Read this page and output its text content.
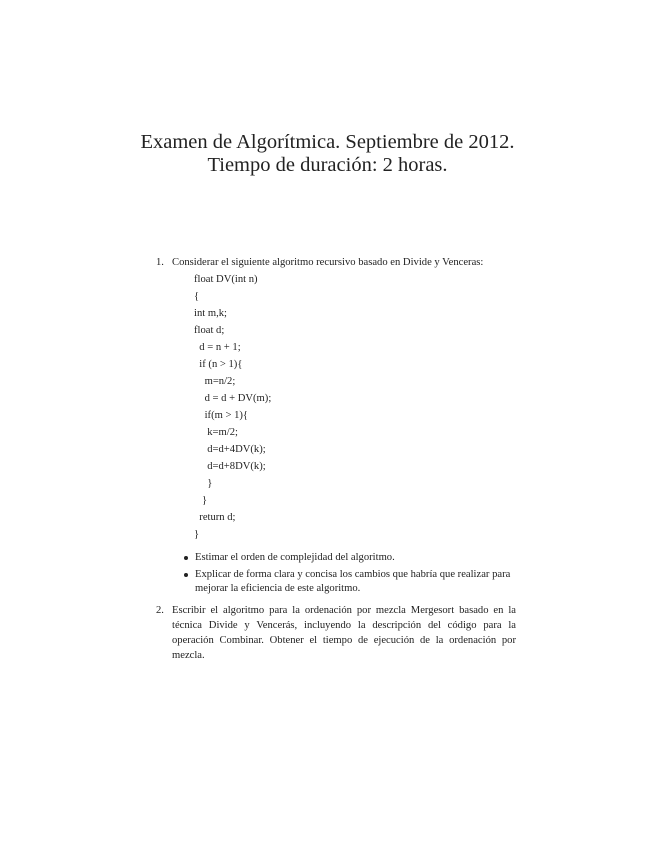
Examen de Algorítmica. Septiembre de 2012.
Tiempo de duración: 2 horas.
1. Considerar el siguiente algoritmo recursivo basado en Divide y Venceras:
float DV(int n)
{
int m,k;
float d;
d = n + 1;
if (n > 1){
m=n/2;
d = d + DV(m);
if(m > 1){
k=m/2;
d=d+4DV(k);
d=d+8DV(k);
}
}
return d;
}
Estimar el orden de complejidad del algoritmo.
Explicar de forma clara y concisa los cambios que habría que realizar para mejorar la eficiencia de este algoritmo.
2. Escribir el algoritmo para la ordenación por mezcla Mergesort basado en la técnica Divide y Vencerás, incluyendo la descripción del código para la operación Combinar. Obtener el tiempo de ejecución de la ordenación por mezcla.
